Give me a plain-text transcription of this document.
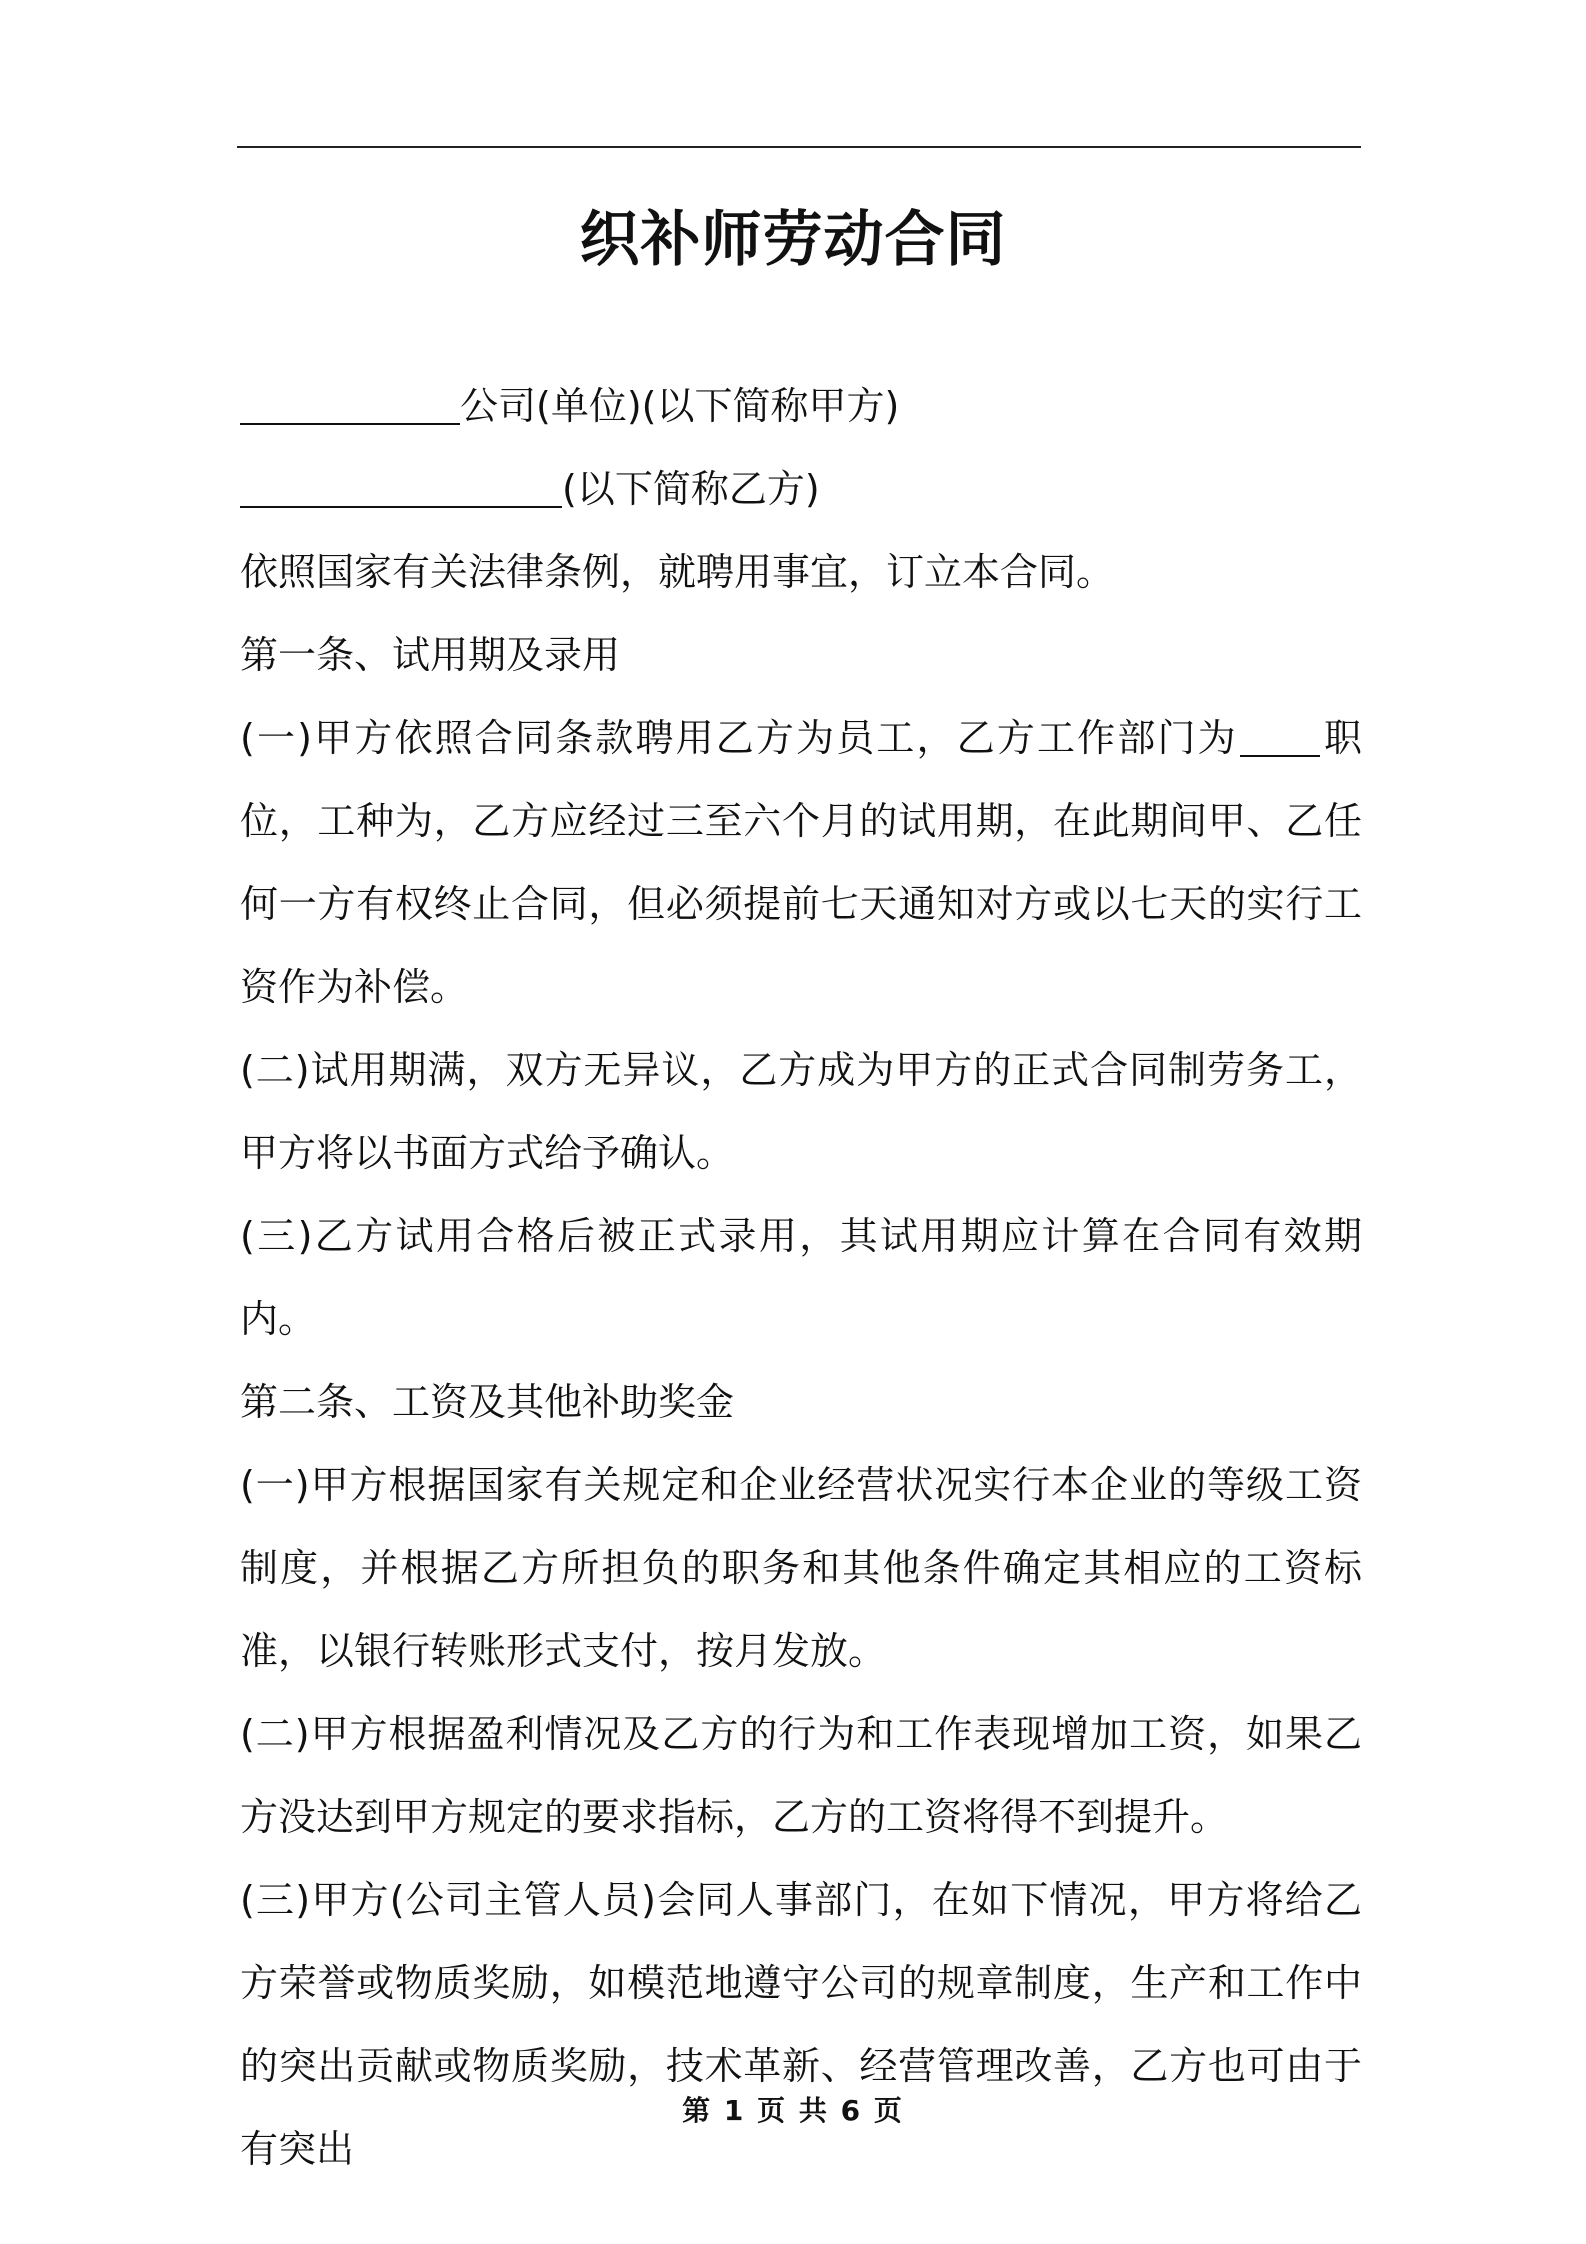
织补师劳动合同

公司(单位)(以下简称甲方)

(以下简称乙方)

依照国家有关法律条例，就聘用事宜，订立本合同。

第一条、试用期及录用

(一)甲方依照合同条款聘用乙方为员工，乙方工作部门为 职位，工种为，乙方应经过三至六个月的试用期，在此期间甲、乙任何一方有权终止合同，但必须提前七天通知对方或以七天的实行工资作为补偿。

(二)试用期满，双方无异议，乙方成为甲方的正式合同制劳务工，甲方将以书面方式给予确认。

(三)乙方试用合格后被正式录用，其试用期应计算在合同有效期内。

第二条、工资及其他补助奖金

(一)甲方根据国家有关规定和企业经营状况实行本企业的等级工资制度，并根据乙方所担负的职务和其他条件确定其相应的工资标准，以银行转账形式支付，按月发放。

(二)甲方根据盈利情况及乙方的行为和工作表现增加工资，如果乙方没达到甲方规定的要求指标，乙方的工资将得不到提升。

(三)甲方(公司主管人员)会同人事部门，在如下情况，甲方将给乙方荣誉或物质奖励，如模范地遵守公司的规章制度，生产和工作中的突出贡献或物质奖励，技术革新、经营管理改善，乙方也可由于有突出

第 1 页 共 6 页
